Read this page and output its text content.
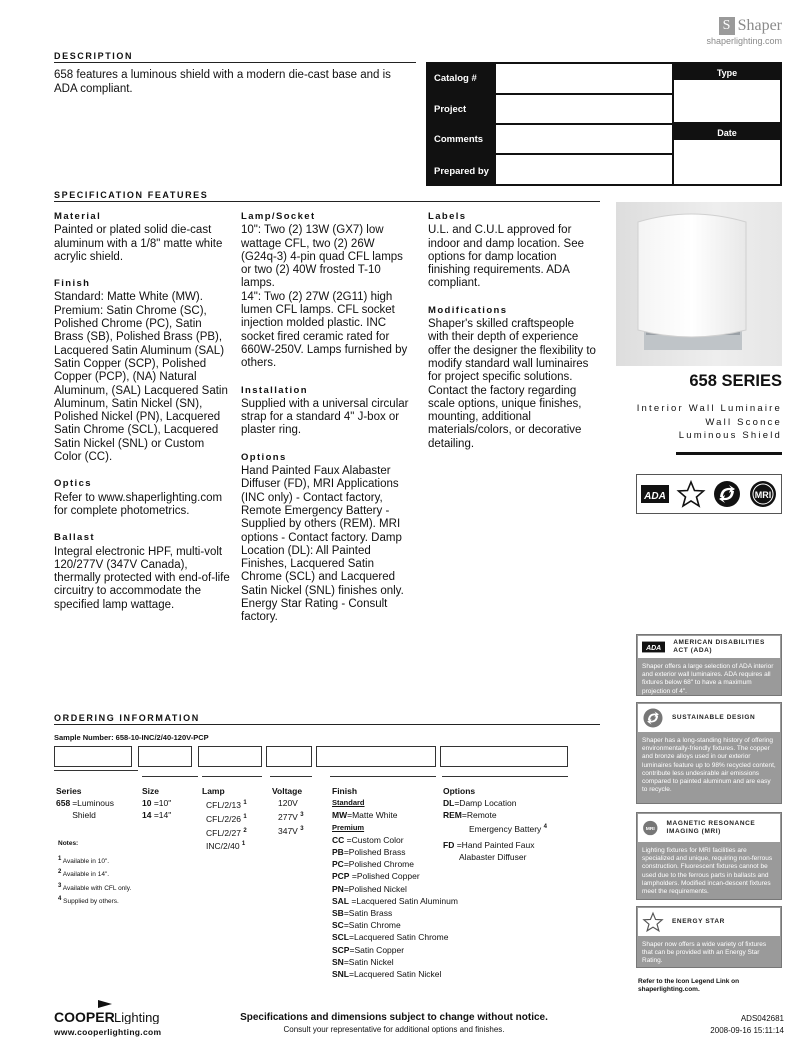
S Shaper
shaperlighting.com
DESCRIPTION
658 features a luminous shield with a modern die-cast base and is ADA compliant.
Catalog #
Project
Comments
Prepared by
Type
Date
SPECIFICATION FEATURES
Material

Painted or plated solid die-cast aluminum with a 1/8" matte white acrylic shield.

Finish

Standard: Matte White (MW). Premium: Satin Chrome (SC), Polished Chrome (PC), Satin Brass (SB), Polished Brass (PB), Lacquered Satin Aluminum (SAL) Satin Copper (SCP), Polished Copper (PCP), (NA) Natural Aluminum, (SAL) Lacquered Satin Aluminum, Satin Nickel (SN), Polished Nickel (PN), Lacquered Satin Chrome (SCL), Lacquered Satin Nickel (SNL) or Custom Color (CC).

Optics

Refer to www.shaperlighting.com for complete photometrics.

Ballast

Integral electronic HPF, multi-volt 120/277V (347V Canada), thermally protected with end-of-life circuitry to accommodate the specified lamp wattage.

Lamp/Socket
10": Two (2) 13W (GX7) low wattage CFL, two (2) 26W (G24q-3) 4-pin quad CFL lamps or two (2) 40W frosted T-10 lamps.

14": Two (2) 27W (2G11) high lumen CFL lamps. CFL socket injection molded plastic. INC socket fired ceramic rated for 660W-250V. Lamps furnished by others.

Installation

Supplied with a universal circular strap for a standard 4" J-box or plaster ring.

Options

Hand Painted Faux Alabaster Diffuser (FD), MRI Applications (INC only) - Contact factory, Remote Emergency Battery - Supplied by others (REM). MRI options - Contact factory. Damp Location (DL): All Painted Finishes, Lacquered Satin Chrome (SCL) and Lacquered Satin Nickel (SNL) finishes only. Energy Star Rating - Consult factory.

Labels

U.L. and C.U.L approved for indoor and damp location. See options for damp location finishing requirements. ADA compliant.

Modifications

Shaper's skilled craftspeople with their depth of experience offer the designer the flexibility to modify standard wall luminaires for project specific solutions. Contact the factory regarding scale options, unique finishes, mounting, additional materials/colors, or decorative detailing.

658 SERIES
Interior Wall Luminaire
Wall Sconce
Luminous Shield
ADA	MRI
ADA
AMERICAN DISABILITIES ACT (ADA)
Shaper offers a large selection of ADA interior and exterior wall luminaires. ADA requires all fixtures below 68" to have a maximum projection of 4".
SUSTAINABLE DESIGN
Shaper has a long-standing history of offering environmentally-friendly fixtures. The copper and bronze alloys used in our exterior luminaires feature up to 98% recycled content, contribute less undesirable air emissions compared to painted aluminum and are easy to recycle.
MRI
MAGNETIC RESONANCE IMAGING (MRI)
Lighting fixtures for MRI facilities are specialized and unique, requiring non-ferrous construction. Fluorescent fixtures cannot be used due to the ferrous parts in ballasts and lampholders. Modified incan-descent fixtures meet the requirements.
ENERGY STAR
Shaper now offers a wide variety of fixtures that can be provided with an Energy Star Rating.
Refer to the Icon Legend Link on shaperlighting.com.
ORDERING INFORMATION
Sample Number: 658-10-INC/2/40-120V-PCP
Series
658 =Luminous Shield
Size
10 =10"
14 =14"
Lamp
CFL/2/13 $^1$
CFL/2/26 $^1$
CFL/2/27 $^2$
INC/2/40 $^1$
Voltage
120V
277V $^3$
347V $^3$
Finish
Standard
MW=Matte White
Premium
CC =Custom Color
PB=Polished Brass
PC=Polished Chrome
PCP =Polished Copper
PN=Polished Nickel
SAL =Lacquered Satin Aluminum
SB=Satin Brass
SC=Satin Chrome
SCL=Lacquered Satin Chrome
SCP=Satin Copper
SN=Satin Nickel
SNL=Lacquered Satin Nickel
Options
DL=Damp Location
REM=Remote
Emergency Battery $^4$
FD =Hand Painted Faux
Alabaster Diffuser
Notes:
$^1$ Available in 10".
$^2$ Available in 14".
$^3$ Available with CFL only.
$^4$ Supplied by others.
COOPER Lighting
www.cooperlighting.com
Specifications and dimensions subject to change without notice.
Consult your representative for additional options and finishes.
ADS042681
2008-09-16 15:11:14
